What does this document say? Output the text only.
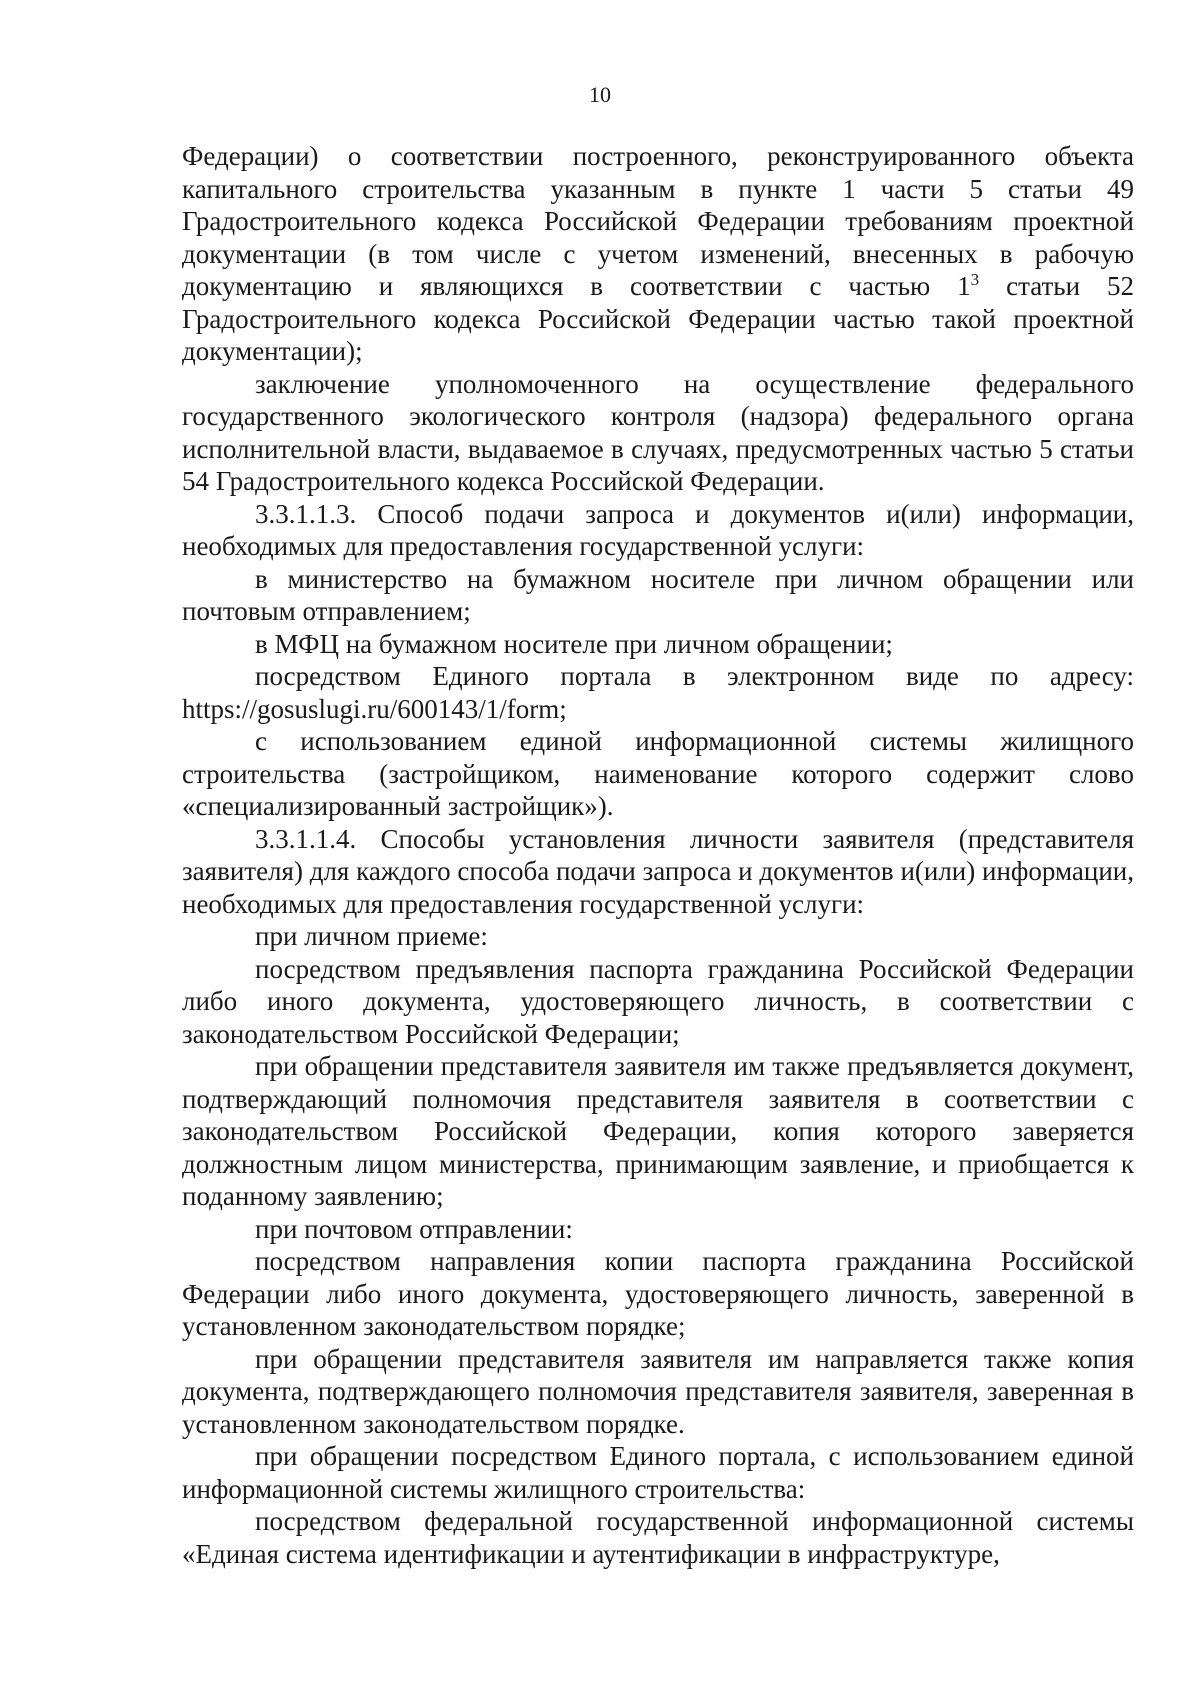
10

Федерации) о соответствии построенного, реконструированного объекта капитального строительства указанным в пункте 1 части 5 статьи 49 Градостроительного кодекса Российской Федерации требованиям проектной документации (в том числе с учетом изменений, внесенных в рабочую документацию и являющихся в соответствии с частью $1^3$ статьи 52 Градостроительного кодекса Российской Федерации частью такой проектной документации);

заключение уполномоченного на осуществление федерального государственного экологического контроля (надзора) федерального органа исполнительной власти, выдаваемое в случаях, предусмотренных частью 5 статьи 54 Градостроительного кодекса Российской Федерации.

3.3.1.1.3. Способ подачи запроса и документов и(или) информации, необходимых для предоставления государственной услуги:

в министерство на бумажном носителе при личном обращении или почтовым отправлением;

в МФЦ на бумажном носителе при личном обращении;

посредством Единого портала в электронном виде по адресу: https://gosuslugi.ru/600143/1/form;

с использованием единой информационной системы жилищного строительства (застройщиком, наименование которого содержит слово «специализированный застройщик»).

3.3.1.1.4. Способы установления личности заявителя (представителя заявителя) для каждого способа подачи запроса и документов и(или) информации, необходимых для предоставления государственной услуги:

при личном приеме:

посредством предъявления паспорта гражданина Российской Федерации либо иного документа, удостоверяющего личность, в соответствии с законодательством Российской Федерации;

при обращении представителя заявителя им также предъявляется документ, подтверждающий полномочия представителя заявителя в соответствии с законодательством Российской Федерации, копия которого заверяется должностным лицом министерства, принимающим заявление, и приобщается к поданному заявлению;

при почтовом отправлении:

посредством направления копии паспорта гражданина Российской Федерации либо иного документа, удостоверяющего личность, заверенной в установленном законодательством порядке;

при обращении представителя заявителя им направляется также копия документа, подтверждающего полномочия представителя заявителя, заверенная в установленном законодательством порядке.

при обращении посредством Единого портала, с использованием единой информационной системы жилищного строительства:

посредством федеральной государственной информационной системы «Единая система идентификации и аутентификации в инфраструктуре,
